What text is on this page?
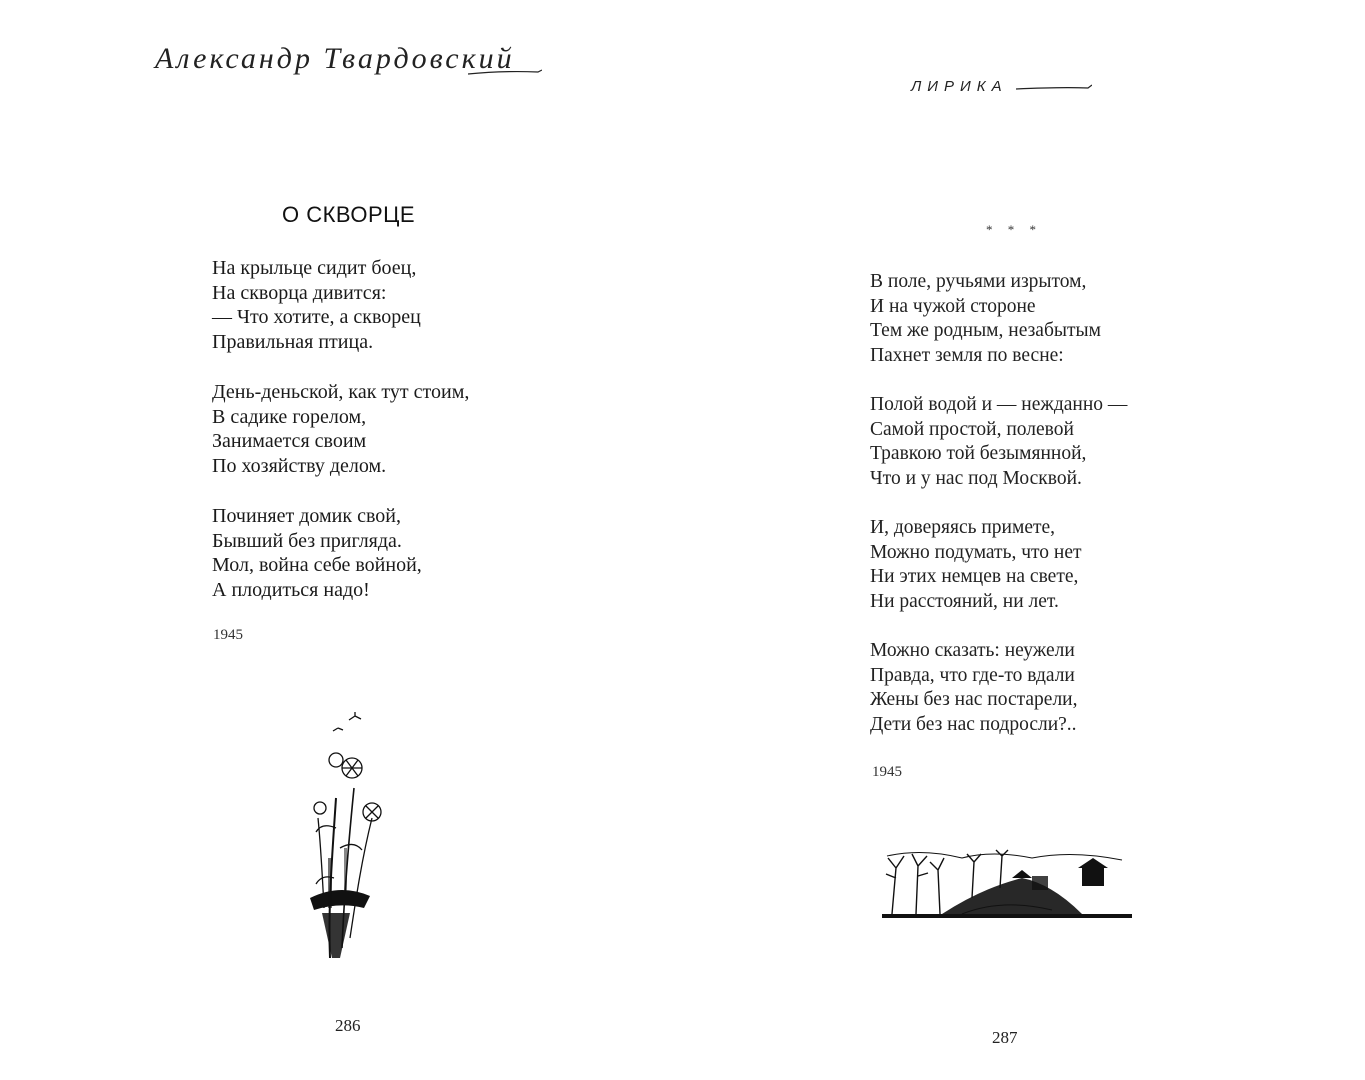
Александр Твардовский
О СКВОРЦЕ
На крыльце сидит боец,
На скворца дивится:
— Что хотите, а скворец
Правильная птица.
День-деньской, как тут стоим,
В садике горелом,
Занимается своим
По хозяйству делом.
Починяет домик свой,
Бывший без пригляда.
Мол, война себе войной,
А плодиться надо!
1945
286
ЛИРИКА
* * *
В поле, ручьями изрытом,
И на чужой стороне
Тем же родным, незабытым
Пахнет земля по весне:
Полой водой и — нежданно —
Самой простой, полевой
Травкою той безымянной,
Что и у нас под Москвой.
И, доверяясь примете,
Можно подумать, что нет
Ни этих немцев на свете,
Ни расстояний, ни лет.
Можно сказать: неужели
Правда, что где-то вдали
Жены без нас постарели,
Дети без нас подросли?..
1945
287
